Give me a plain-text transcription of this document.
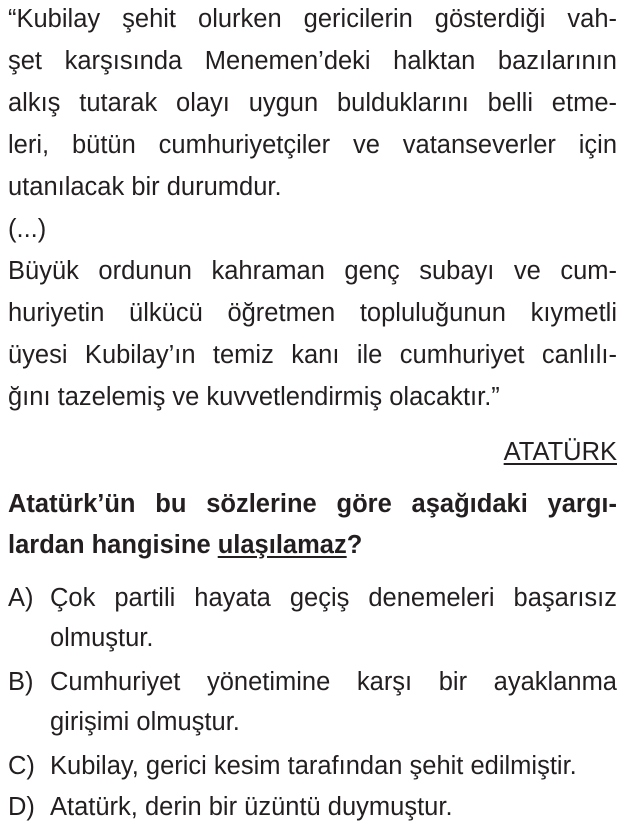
“Kubilay şehit olurken gericilerin gösterdiği vah-
şet karşısında Menemen’deki halktan bazılarının
alkış tutarak olayı uygun bulduklarını belli etme-
leri, bütün cumhuriyetçiler ve vatanseverler için
utanılacak bir durumdur.
(...)
Büyük ordunun kahraman genç subayı ve cum-
huriyetin ülkücü öğretmen topluluğunun kıymetli
üyesi Kubilay’ın temiz kanı ile cumhuriyet canlılı-
ğını tazelemiş ve kuvvetlendirmiş olacaktır.”
ATATÜRK
Atatürk’ün bu sözlerine göre aşağıdaki yargı-
lardan hangisine ulaşılamaz?
A) Çok partili hayata geçiş denemeleri başarısız
olmuştur.
B) Cumhuriyet yönetimine karşı bir ayaklanma
girişimi olmuştur.
C) Kubilay, gerici kesim tarafından şehit edilmiştir.
D) Atatürk, derin bir üzüntü duymuştur.
